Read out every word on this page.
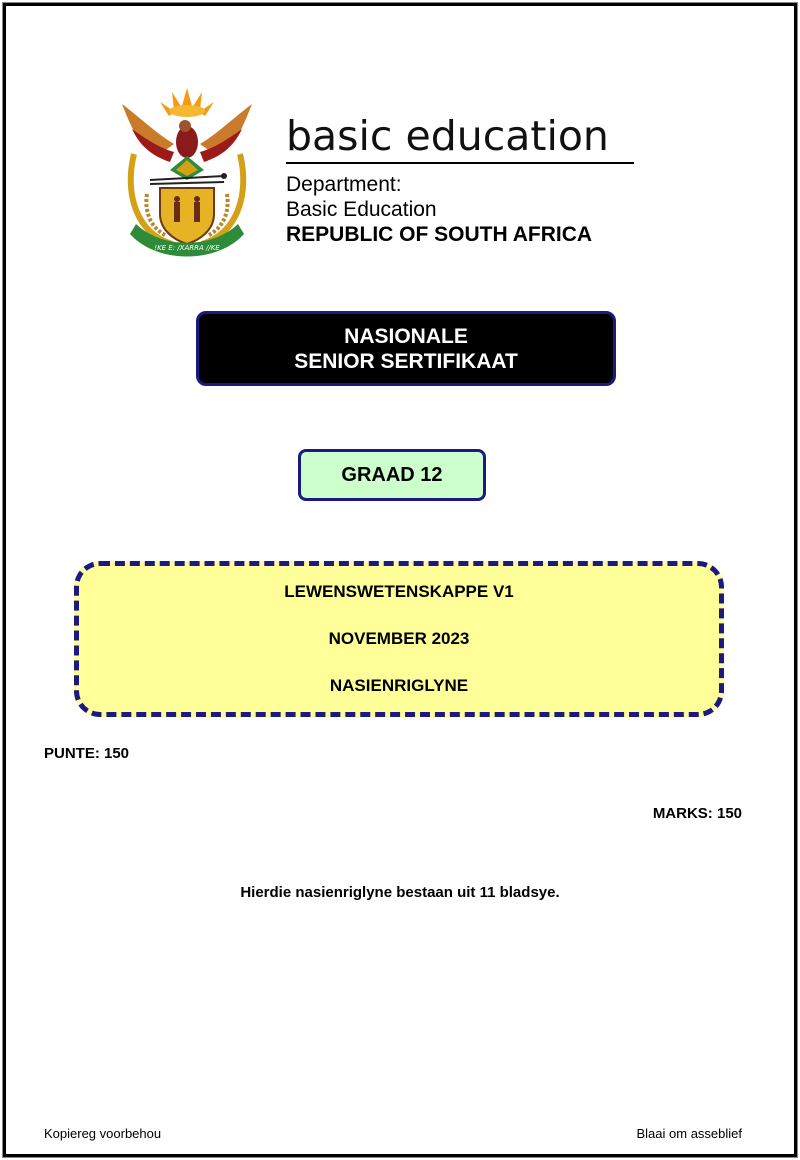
!KE E: /XARRA //KE
basic education
Department:
Basic Education
REPUBLIC OF SOUTH AFRICA
NASIONALE
SENIOR SERTIFIKAAT
GRAAD 12
LEWENSWETENSKAPPE V1
NOVEMBER 2023
NASIENRIGLYNE
PUNTE: 150
MARKS: 150
Hierdie nasienriglyne bestaan uit 11 bladsye.
Kopiereg voorbehou	Blaai om asseblief
